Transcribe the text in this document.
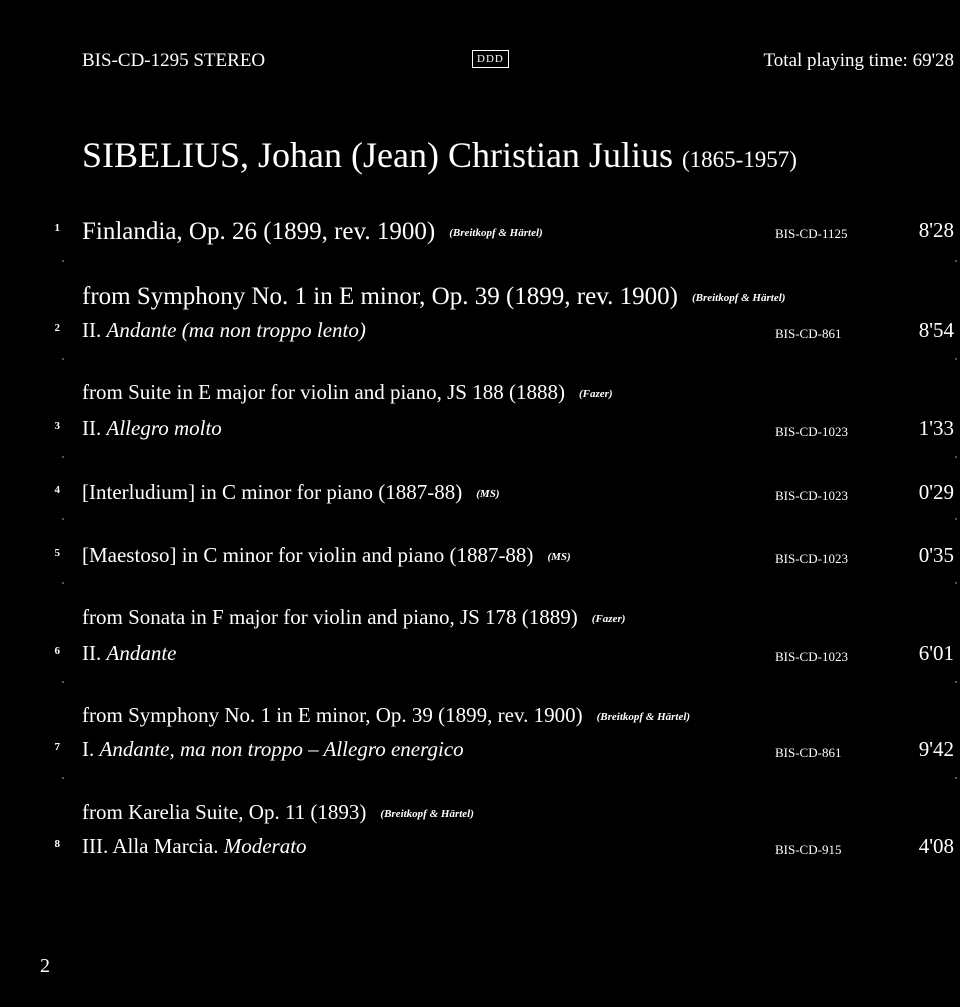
BIS-CD-1295 STEREO	DDD	Total playing time: 69'28
SIBELIUS, Johan (Jean) Christian Julius (1865-1957)
1 Finlandia, Op. 26 (1899, rev. 1900) (Breitkopf & Härtel)	BIS-CD-1125	8'28
from Symphony No. 1 in E minor, Op. 39 (1899, rev. 1900) (Breitkopf & Härtel)
2 II. Andante (ma non troppo lento)	BIS-CD-861	8'54
from Suite in E major for violin and piano, JS 188 (1888) (Fazer)
3 II. Allegro molto	BIS-CD-1023	1'33
4 [Interludium] in C minor for piano (1887-88) (MS)	BIS-CD-1023	0'29
5 [Maestoso] in C minor for violin and piano (1887-88) (MS)	BIS-CD-1023	0'35
from Sonata in F major for violin and piano, JS 178 (1889) (Fazer)
6 II. Andante	BIS-CD-1023	6'01
from Symphony No. 1 in E minor, Op. 39 (1899, rev. 1900) (Breitkopf & Härtel)
7 I. Andante, ma non troppo – Allegro energico	BIS-CD-861	9'42
from Karelia Suite, Op. 11 (1893) (Breitkopf & Härtel)
8 III. Alla Marcia. Moderato	BIS-CD-915	4'08
2
